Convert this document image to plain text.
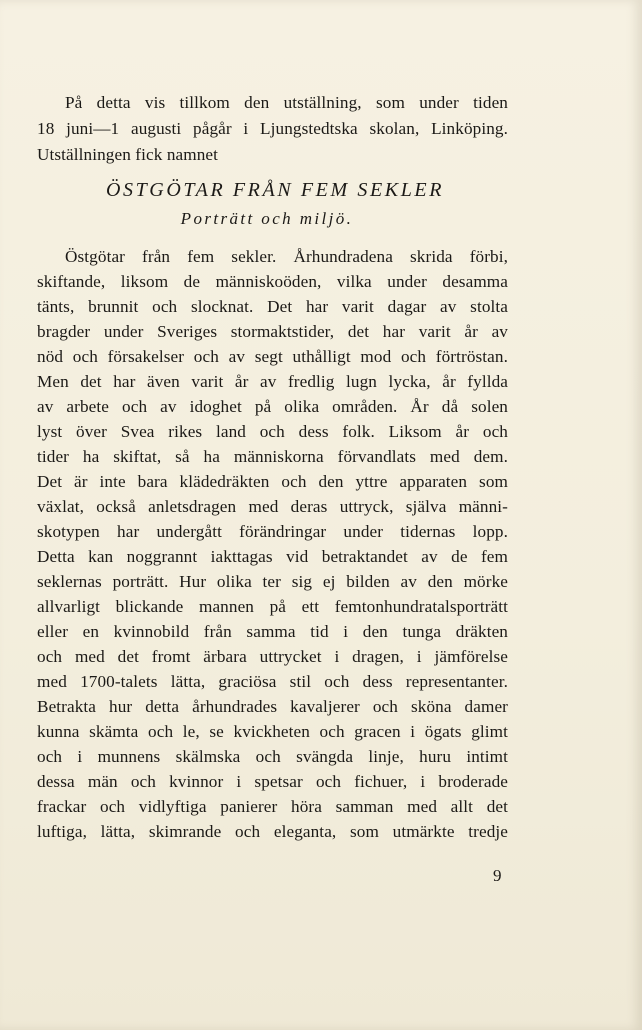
På detta vis tillkom den utställning, som under tiden
18 juni—1 augusti pågår i Ljungstedtska skolan, Linköping.
Utställningen fick namnet
ÖSTGÖTAR FRÅN FEM SEKLER
Porträtt och miljö.
Östgötar från fem sekler. Århundradena skrida förbi,
skiftande, liksom de människoöden, vilka under desamma
tänts, brunnit och slocknat. Det har varit dagar av stolta
bragder under Sveriges stormaktstider, det har varit år av
nöd och försakelser och av segt uthålligt mod och förtröstan.
Men det har även varit år av fredlig lugn lycka, år fyllda
av arbete och av idoghet på olika områden. År då solen
lyst över Svea rikes land och dess folk. Liksom år och
tider ha skiftat, så ha människorna förvandlats med dem.
Det är inte bara klädedräkten och den yttre apparaten som
växlat, också anletsdragen med deras uttryck, själva männi-
skotypen har undergått förändringar under tidernas lopp.
Detta kan noggrannt iakttagas vid betraktandet av de fem
seklernas porträtt. Hur olika ter sig ej bilden av den mörke
allvarligt blickande mannen på ett femtonhundratalsporträtt
eller en kvinnobild från samma tid i den tunga dräkten
och med det fromt ärbara uttrycket i dragen, i jämförelse
med 1700-talets lätta, graciösa stil och dess representanter.
Betrakta hur detta århundrades kavaljerer och sköna damer
kunna skämta och le, se kvickheten och gracen i ögats glimt
och i munnens skälmska och svängda linje, huru intimt
dessa män och kvinnor i spetsar och fichuer, i broderade
frackar och vidlyftiga panierer höra samman med allt det
luftiga, lätta, skimrande och eleganta, som utmärkte tredje
9
